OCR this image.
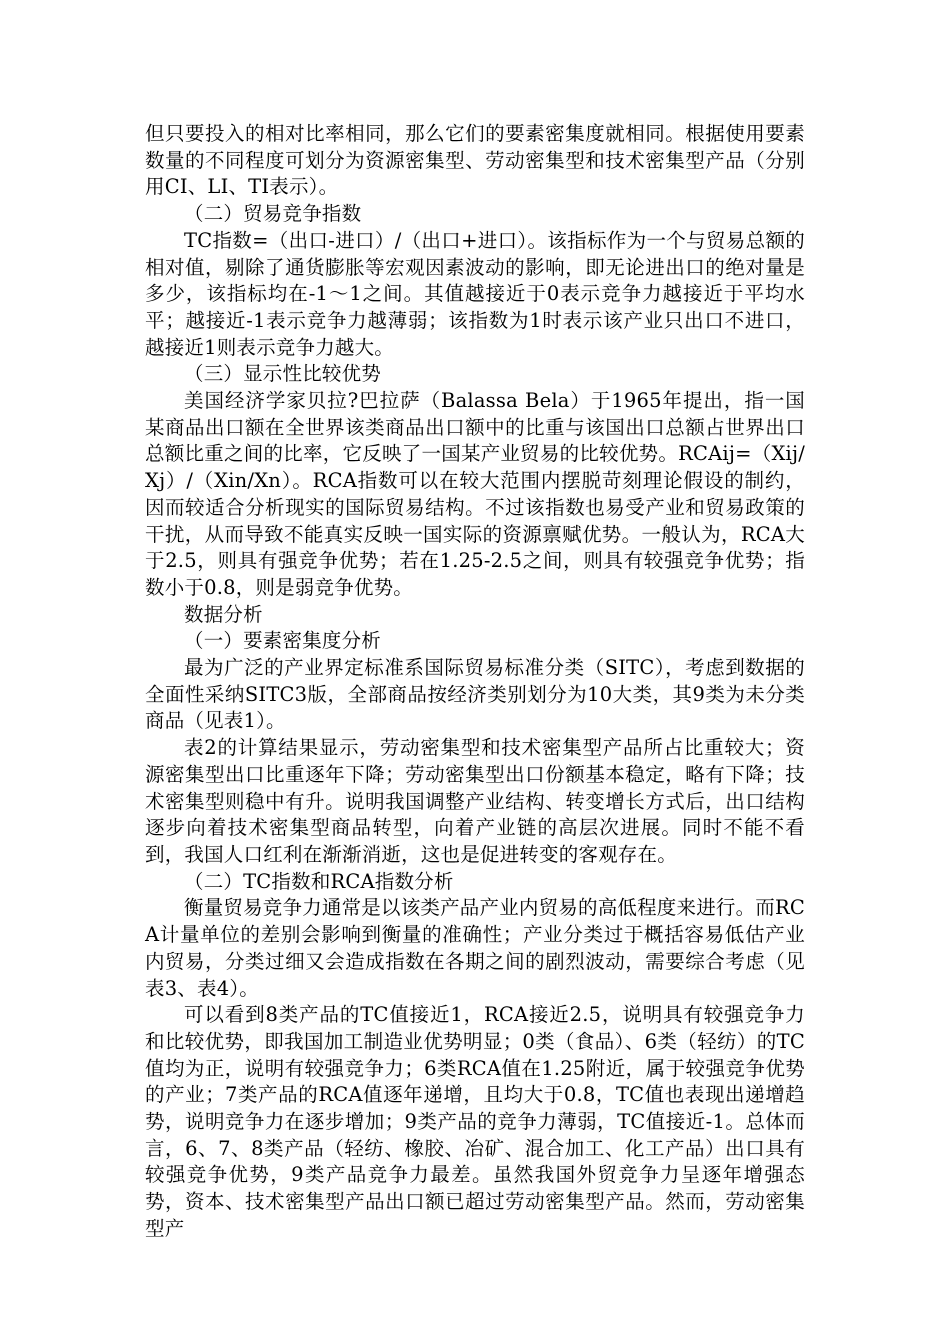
但只要投入的相对比率相同，那么它们的要素密集度就相同。根据使用要素数量的不同程度可划分为资源密集型、劳动密集型和技术密集型产品（分别用CI、LI、TI表示）。

（二）贸易竞争指数

TC指数=（出口-进口）/（出口+进口）。该指标作为一个与贸易总额的相对值，剔除了通货膨胀等宏观因素波动的影响，即无论进出口的绝对量是多少，该指标均在-1～1之间。其值越接近于0表示竞争力越接近于平均水平；越接近-1表示竞争力越薄弱；该指数为1时表示该产业只出口不进口，越接近1则表示竞争力越大。

（三）显示性比较优势

美国经济学家贝拉?巴拉萨（Balassa Bela）于1965年提出，指一国某商品出口额在全世界该类商品出口额中的比重与该国出口总额占世界出口总额比重之间的比率，它反映了一国某产业贸易的比较优势。RCAij=（Xij/Xj）/（Xin/Xn）。RCA指数可以在较大范围内摆脱苛刻理论假设的制约，因而较适合分析现实的国际贸易结构。不过该指数也易受产业和贸易政策的干扰，从而导致不能真实反映一国实际的资源禀赋优势。一般认为，RCA大于2.5，则具有强竞争优势；若在1.25-2.5之间，则具有较强竞争优势；指数小于0.8，则是弱竞争优势。

数据分析

（一）要素密集度分析

最为广泛的产业界定标准系国际贸易标准分类（SITC），考虑到数据的全面性采纳SITC3版，全部商品按经济类别划分为10大类，其9类为未分类商品（见表1）。

表2的计算结果显示，劳动密集型和技术密集型产品所占比重较大；资源密集型出口比重逐年下降；劳动密集型出口份额基本稳定，略有下降；技术密集型则稳中有升。说明我国调整产业结构、转变增长方式后，出口结构逐步向着技术密集型商品转型，向着产业链的高层次进展。同时不能不看到，我国人口红利在渐渐消逝，这也是促进转变的客观存在。

（二）TC指数和RCA指数分析

衡量贸易竞争力通常是以该类产品产业内贸易的高低程度来进行。而RCA计量单位的差别会影响到衡量的准确性；产业分类过于概括容易低估产业内贸易，分类过细又会造成指数在各期之间的剧烈波动，需要综合考虑（见表3、表4）。

可以看到8类产品的TC值接近1，RCA接近2.5，说明具有较强竞争力和比较优势，即我国加工制造业优势明显；0类（食品）、6类（轻纺）的TC值均为正，说明有较强竞争力；6类RCA值在1.25附近，属于较强竞争优势的产业；7类产品的RCA值逐年递增，且均大于0.8，TC值也表现出递增趋势，说明竞争力在逐步增加；9类产品的竞争力薄弱，TC值接近-1。总体而言，6、7、8类产品（轻纺、橡胶、冶矿、混合加工、化工产品）出口具有较强竞争优势，9类产品竞争力最差。虽然我国外贸竞争力呈逐年增强态势，资本、技术密集型产品出口额已超过劳动密集型产品。然而，劳动密集型产
